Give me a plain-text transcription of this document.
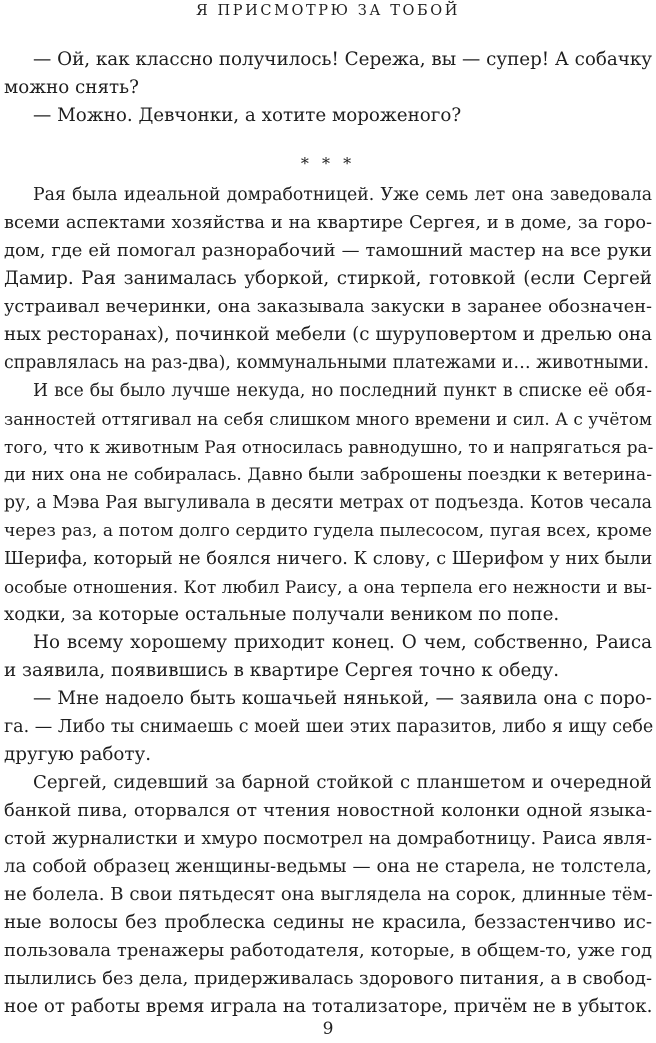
Я ПРИСМОТРЮ ЗА ТОБОЙ
— Ой, как классно получилось! Сережа, вы — супер! А собачку
можно снять?
— Можно. Девчонки, а хотите мороженого?
* * *
Рая была идеальной домработницей. Уже семь лет она заведовала
всеми аспектами хозяйства и на квартире Сергея, и в доме, за горо-
дом, где ей помогал разнорабочий — тамошний мастер на все руки
Дамир. Рая занималась уборкой, стиркой, готовкой (если Сергей
устраивал вечеринки, она заказывала закуски в заранее обозначен-
ных ресторанах), починкой мебели (с шуруповертом и дрелью она
справлялась на раз-два), коммунальными платежами и… животными.
И все бы было лучше некуда, но последний пункт в списке её обя-
занностей оттягивал на себя слишком много времени и сил. А с учётом
того, что к животным Рая относилась равнодушно, то и напрягаться ра-
ди них она не собиралась. Давно были заброшены поездки к ветерина-
ру, а Мэва Рая выгуливала в десяти метрах от подъезда. Котов чесала
через раз, а потом долго сердито гудела пылесосом, пугая всех, кроме
Шерифа, который не боялся ничего. К слову, с Шерифом у них были
особые отношения. Кот любил Раису, а она терпела его нежности и вы-
ходки, за которые остальные получали веником по попе.
Но всему хорошему приходит конец. О чем, собственно, Раиса
и заявила, появившись в квартире Сергея точно к обеду.
— Мне надоело быть кошачьей нянькой, — заявила она с поро-
га. — Либо ты снимаешь с моей шеи этих паразитов, либо я ищу себе
другую работу.
Сергей, сидевший за барной стойкой с планшетом и очередной
банкой пива, оторвался от чтения новостной колонки одной языка-
стой журналистки и хмуро посмотрел на домработницу. Раиса явля-
ла собой образец женщины-ведьмы — она не старела, не толстела,
не болела. В свои пятьдесят она выглядела на сорок, длинные тём-
ные волосы без проблеска седины не красила, беззастенчиво ис-
пользовала тренажеры работодателя, которые, в общем-то, уже год
пылились без дела, придерживалась здорового питания, а в свобод-
ное от работы время играла на тотализаторе, причём не в убыток.
9
